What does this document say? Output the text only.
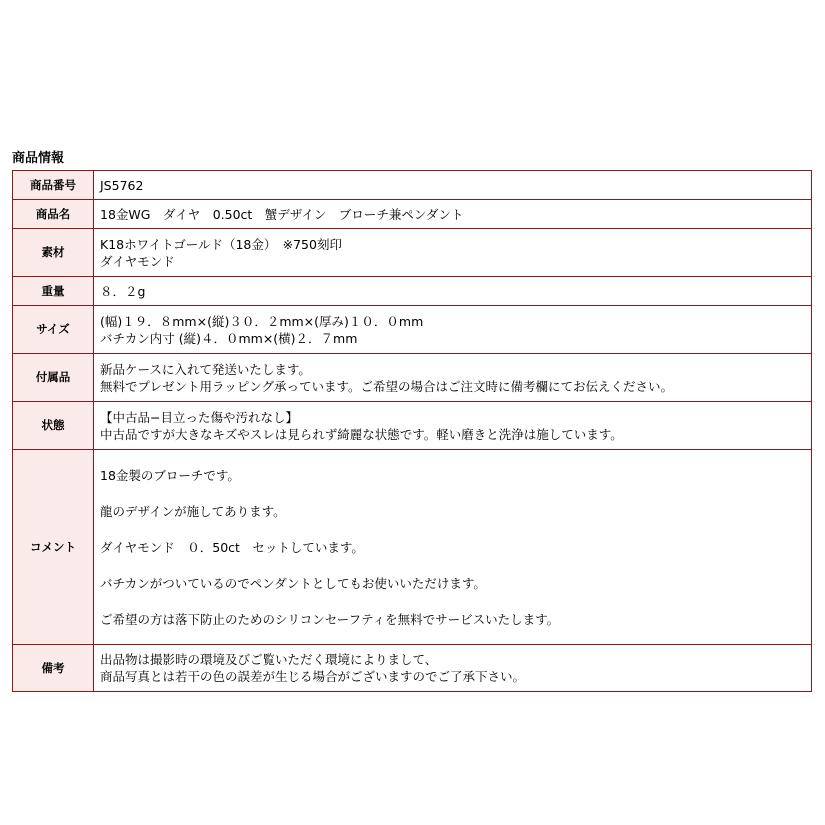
商品情報
商品番号	JS5762
商品名	18金WG　ダイヤ　0.50ct　蟹デザイン　ブローチ兼ペンダント
素材	K18ホワイトゴールド（18金）　※750刻印
ダイヤモンド

重量	８．２g
サイズ	(幅)１９．８mm×(縦)３０．２mm×(厚み)１０．０mm
バチカン内寸 (縦)４．０mm×(横)２．７mm

付属品	新品ケースに入れて発送いたします。
無料でプレゼント用ラッピング承っています。ご希望の場合はご注文時に備考欄にてお伝えください。

状態	【中古品−目立った傷や汚れなし】
中古品ですが大きなキズやスレは見られず綺麗な状態です。軽い磨きと洗浄は施しています。

コメント	18金製のブローチです。
龍のデザインが施してあります。
ダイヤモンド　０．50ct　セットしています。
バチカンがついているのでペンダントとしてもお使いいただけます。
ご希望の方は落下防止のためのシリコンセーフティを無料でサービスいたします。

備考	出品物は撮影時の環境及びご覧いただく環境によりまして、
商品写真とは若干の色の誤差が生じる場合がございますのでご了承下さい。
